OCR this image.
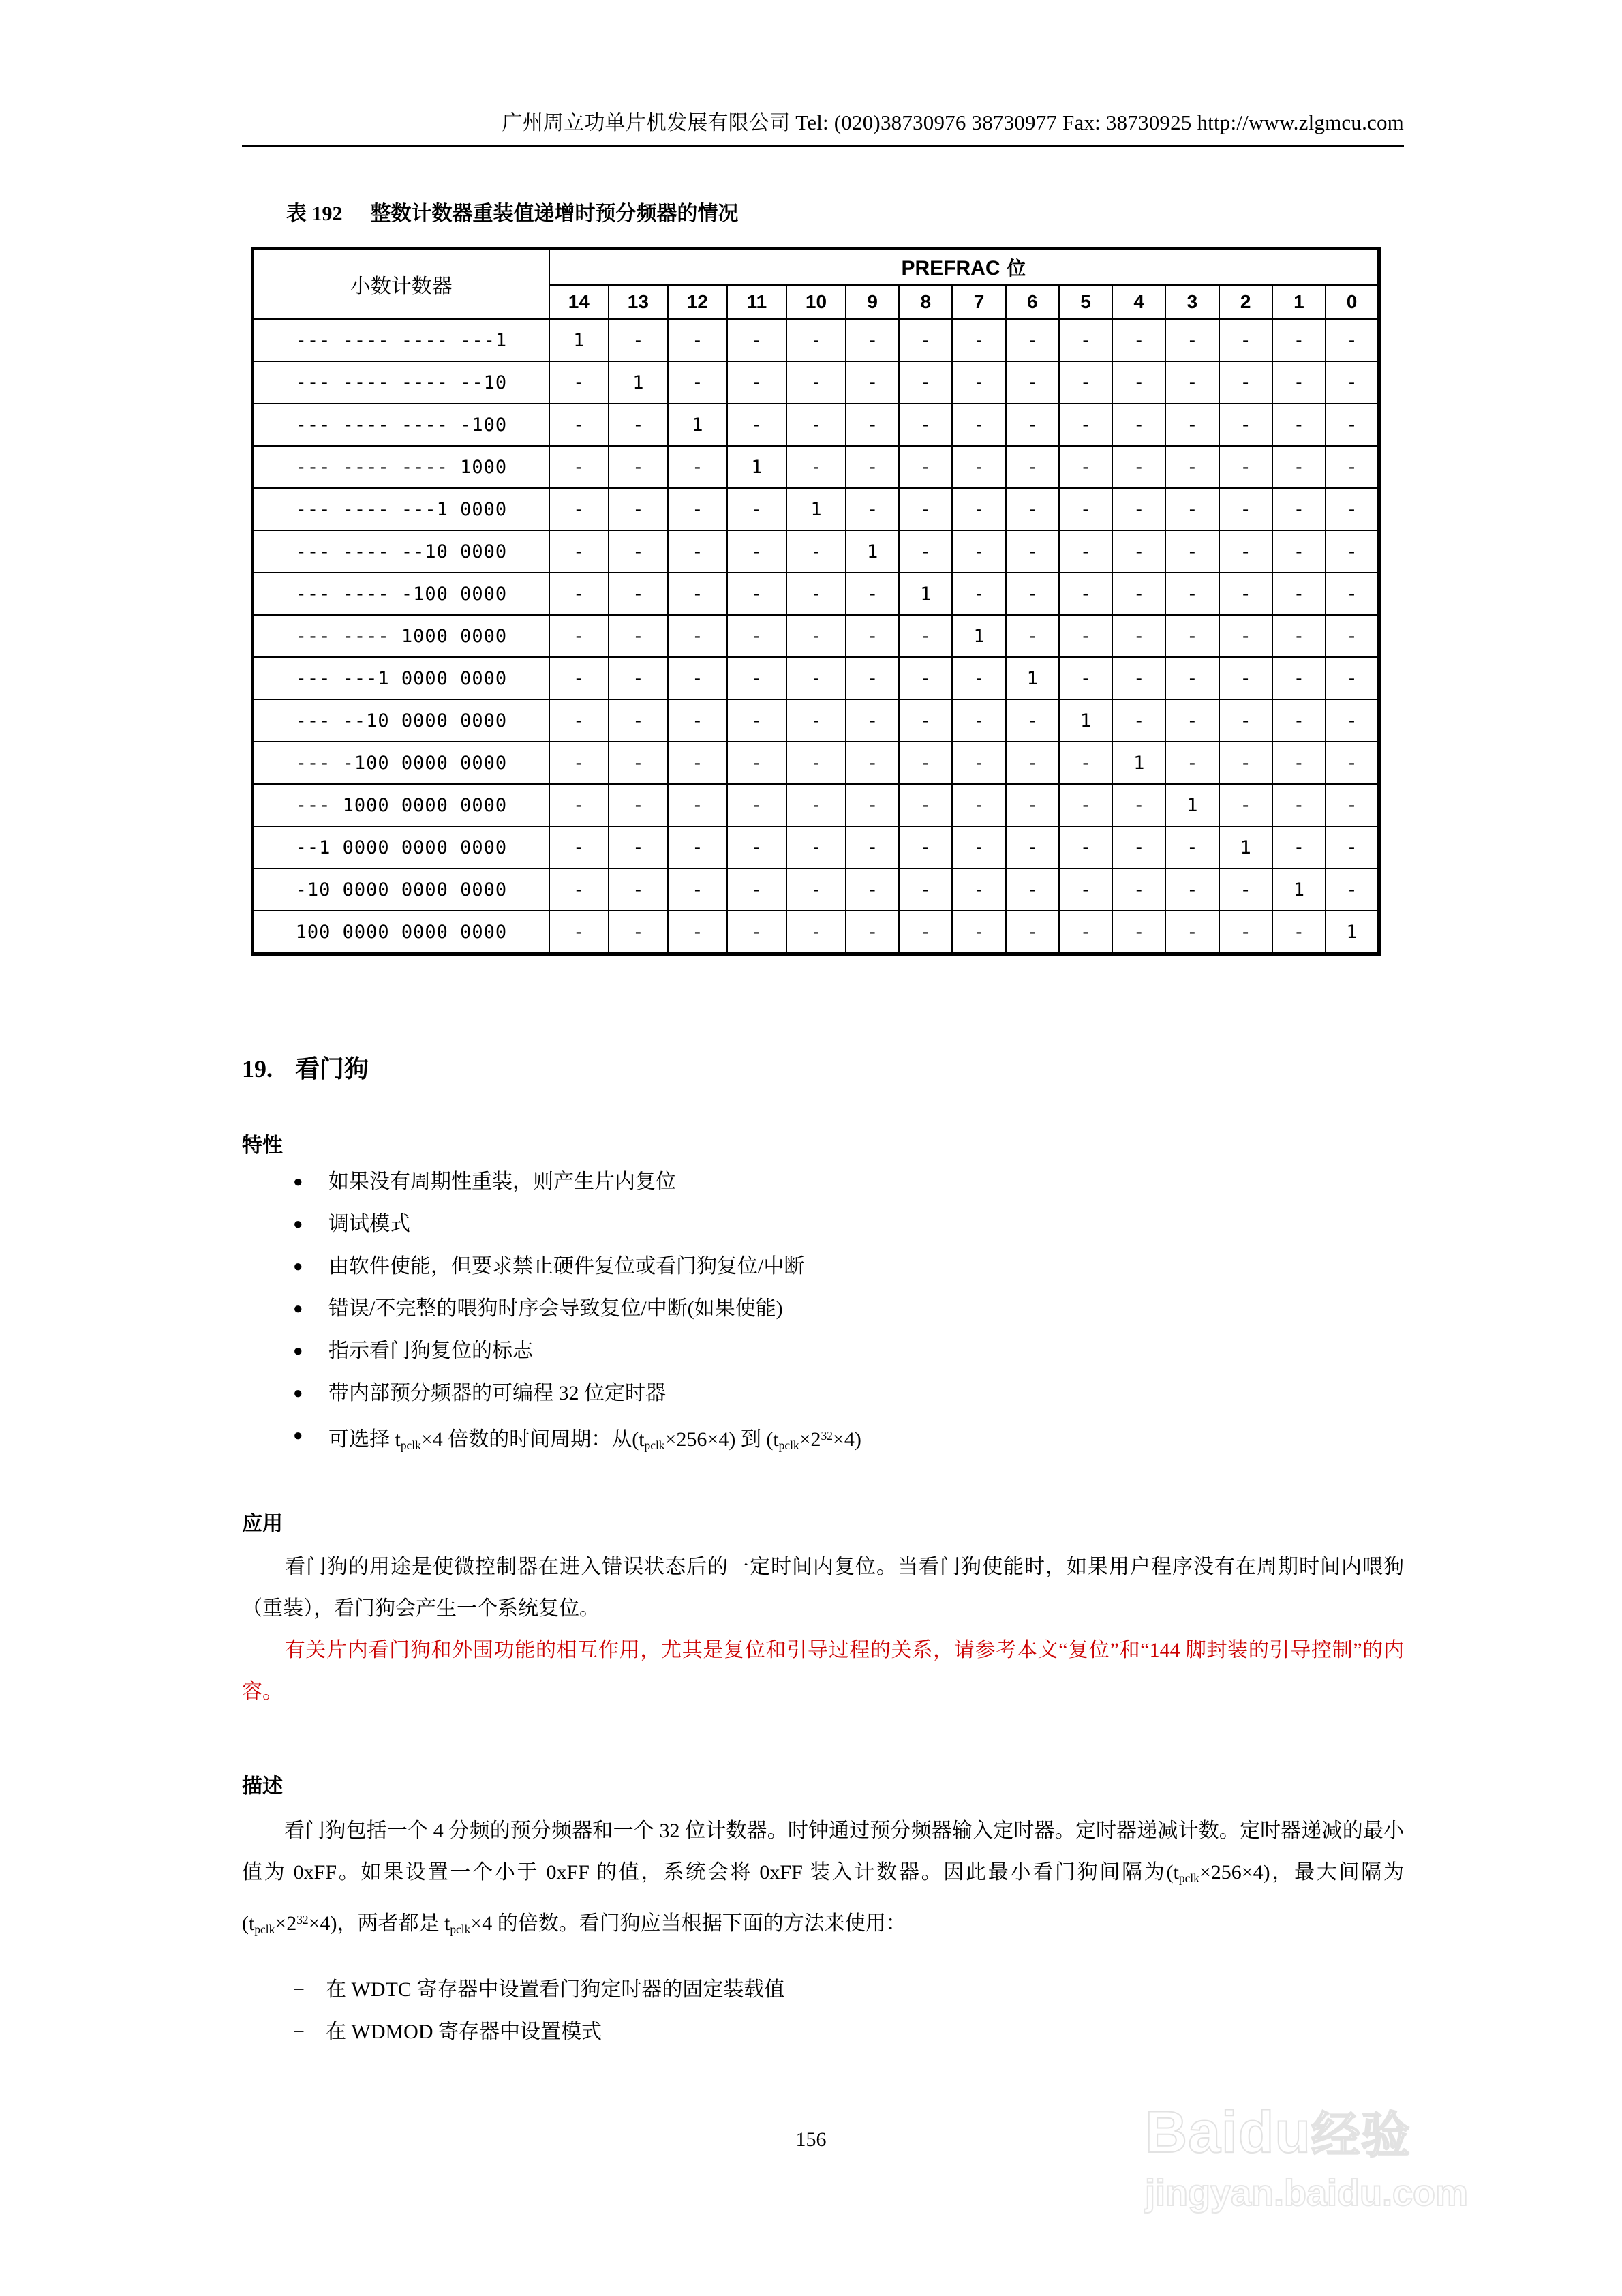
广州周立功单片机发展有限公司 Tel: (020)38730976 38730977 Fax: 38730925 http://www.zlgmcu.com
表 192 整数计数器重装值递增时预分频器的情况
小数计数器	PREFRAC 位														
	14	13	12	11	10	9	8	7	6	5	4	3	2	1	0
--- ---- ---- ---1	1	-	-	-	-	-	-	-	-	-	-	-	-	-	-
--- ---- ---- --10	-	1	-	-	-	-	-	-	-	-	-	-	-	-	-
--- ---- ---- -100	-	-	1	-	-	-	-	-	-	-	-	-	-	-	-
--- ---- ---- 1000	-	-	-	1	-	-	-	-	-	-	-	-	-	-	-
--- ---- ---1 0000	-	-	-	-	1	-	-	-	-	-	-	-	-	-	-
--- ---- --10 0000	-	-	-	-	-	1	-	-	-	-	-	-	-	-	-
--- ---- -100 0000	-	-	-	-	-	-	1	-	-	-	-	-	-	-	-
--- ---- 1000 0000	-	-	-	-	-	-	-	1	-	-	-	-	-	-	-
--- ---1 0000 0000	-	-	-	-	-	-	-	-	1	-	-	-	-	-	-
--- --10 0000 0000	-	-	-	-	-	-	-	-	-	1	-	-	-	-	-
--- -100 0000 0000	-	-	-	-	-	-	-	-	-	-	1	-	-	-	-
--- 1000 0000 0000	-	-	-	-	-	-	-	-	-	-	-	1	-	-	-
--1 0000 0000 0000	-	-	-	-	-	-	-	-	-	-	-	-	1	-	-
-10 0000 0000 0000	-	-	-	-	-	-	-	-	-	-	-	-	-	1	-
100 0000 0000 0000	-	-	-	-	-	-	-	-	-	-	-	-	-	-	1
19. 看门狗
特性
●	如果没有周期性重装，则产生片内复位
●	调试模式
●	由软件使能，但要求禁止硬件复位或看门狗复位/中断
●	错误/不完整的喂狗时序会导致复位/中断(如果使能)
●	指示看门狗复位的标志
●	带内部预分频器的可编程 32 位定时器
●	可选择 $t_{pclk}\times 4$ 倍数的时间周期：从$(t_{pclk}\times 256\times 4)$ 到 $(t_{pclk}\times 2^{32}\times 4)$
应用
看门狗的用途是使微控制器在进入错误状态后的一定时间内复位。当看门狗使能时，如果用户程序没有在周期时间内喂狗（重装），看门狗会产生一个系统复位。
有关片内看门狗和外围功能的相互作用，尤其是复位和引导过程的关系，请参考本文“复位”和“144 脚封装的引导控制”的内容。
描述
看门狗包括一个 4 分频的预分频器和一个 32 位计数器。时钟通过预分频器输入定时器。定时器递减计数。定时器递减的最小值为 0xFF。如果设置一个小于 0xFF 的值，系统会将 0xFF 装入计数器。因此最小看门狗间隔为$(t_{pclk}\times 256\times 4)$，最大间隔为$(t_{pclk}\times 2^{32}\times 4)$，两者都是 $t_{pclk}\times 4$ 的倍数。看门狗应当根据下面的方法来使用：
−	在 WDTC 寄存器中设置看门狗定时器的固定装载值
−	在 WDMOD 寄存器中设置模式
156	Baidu经验
jingyan.baidu.com
